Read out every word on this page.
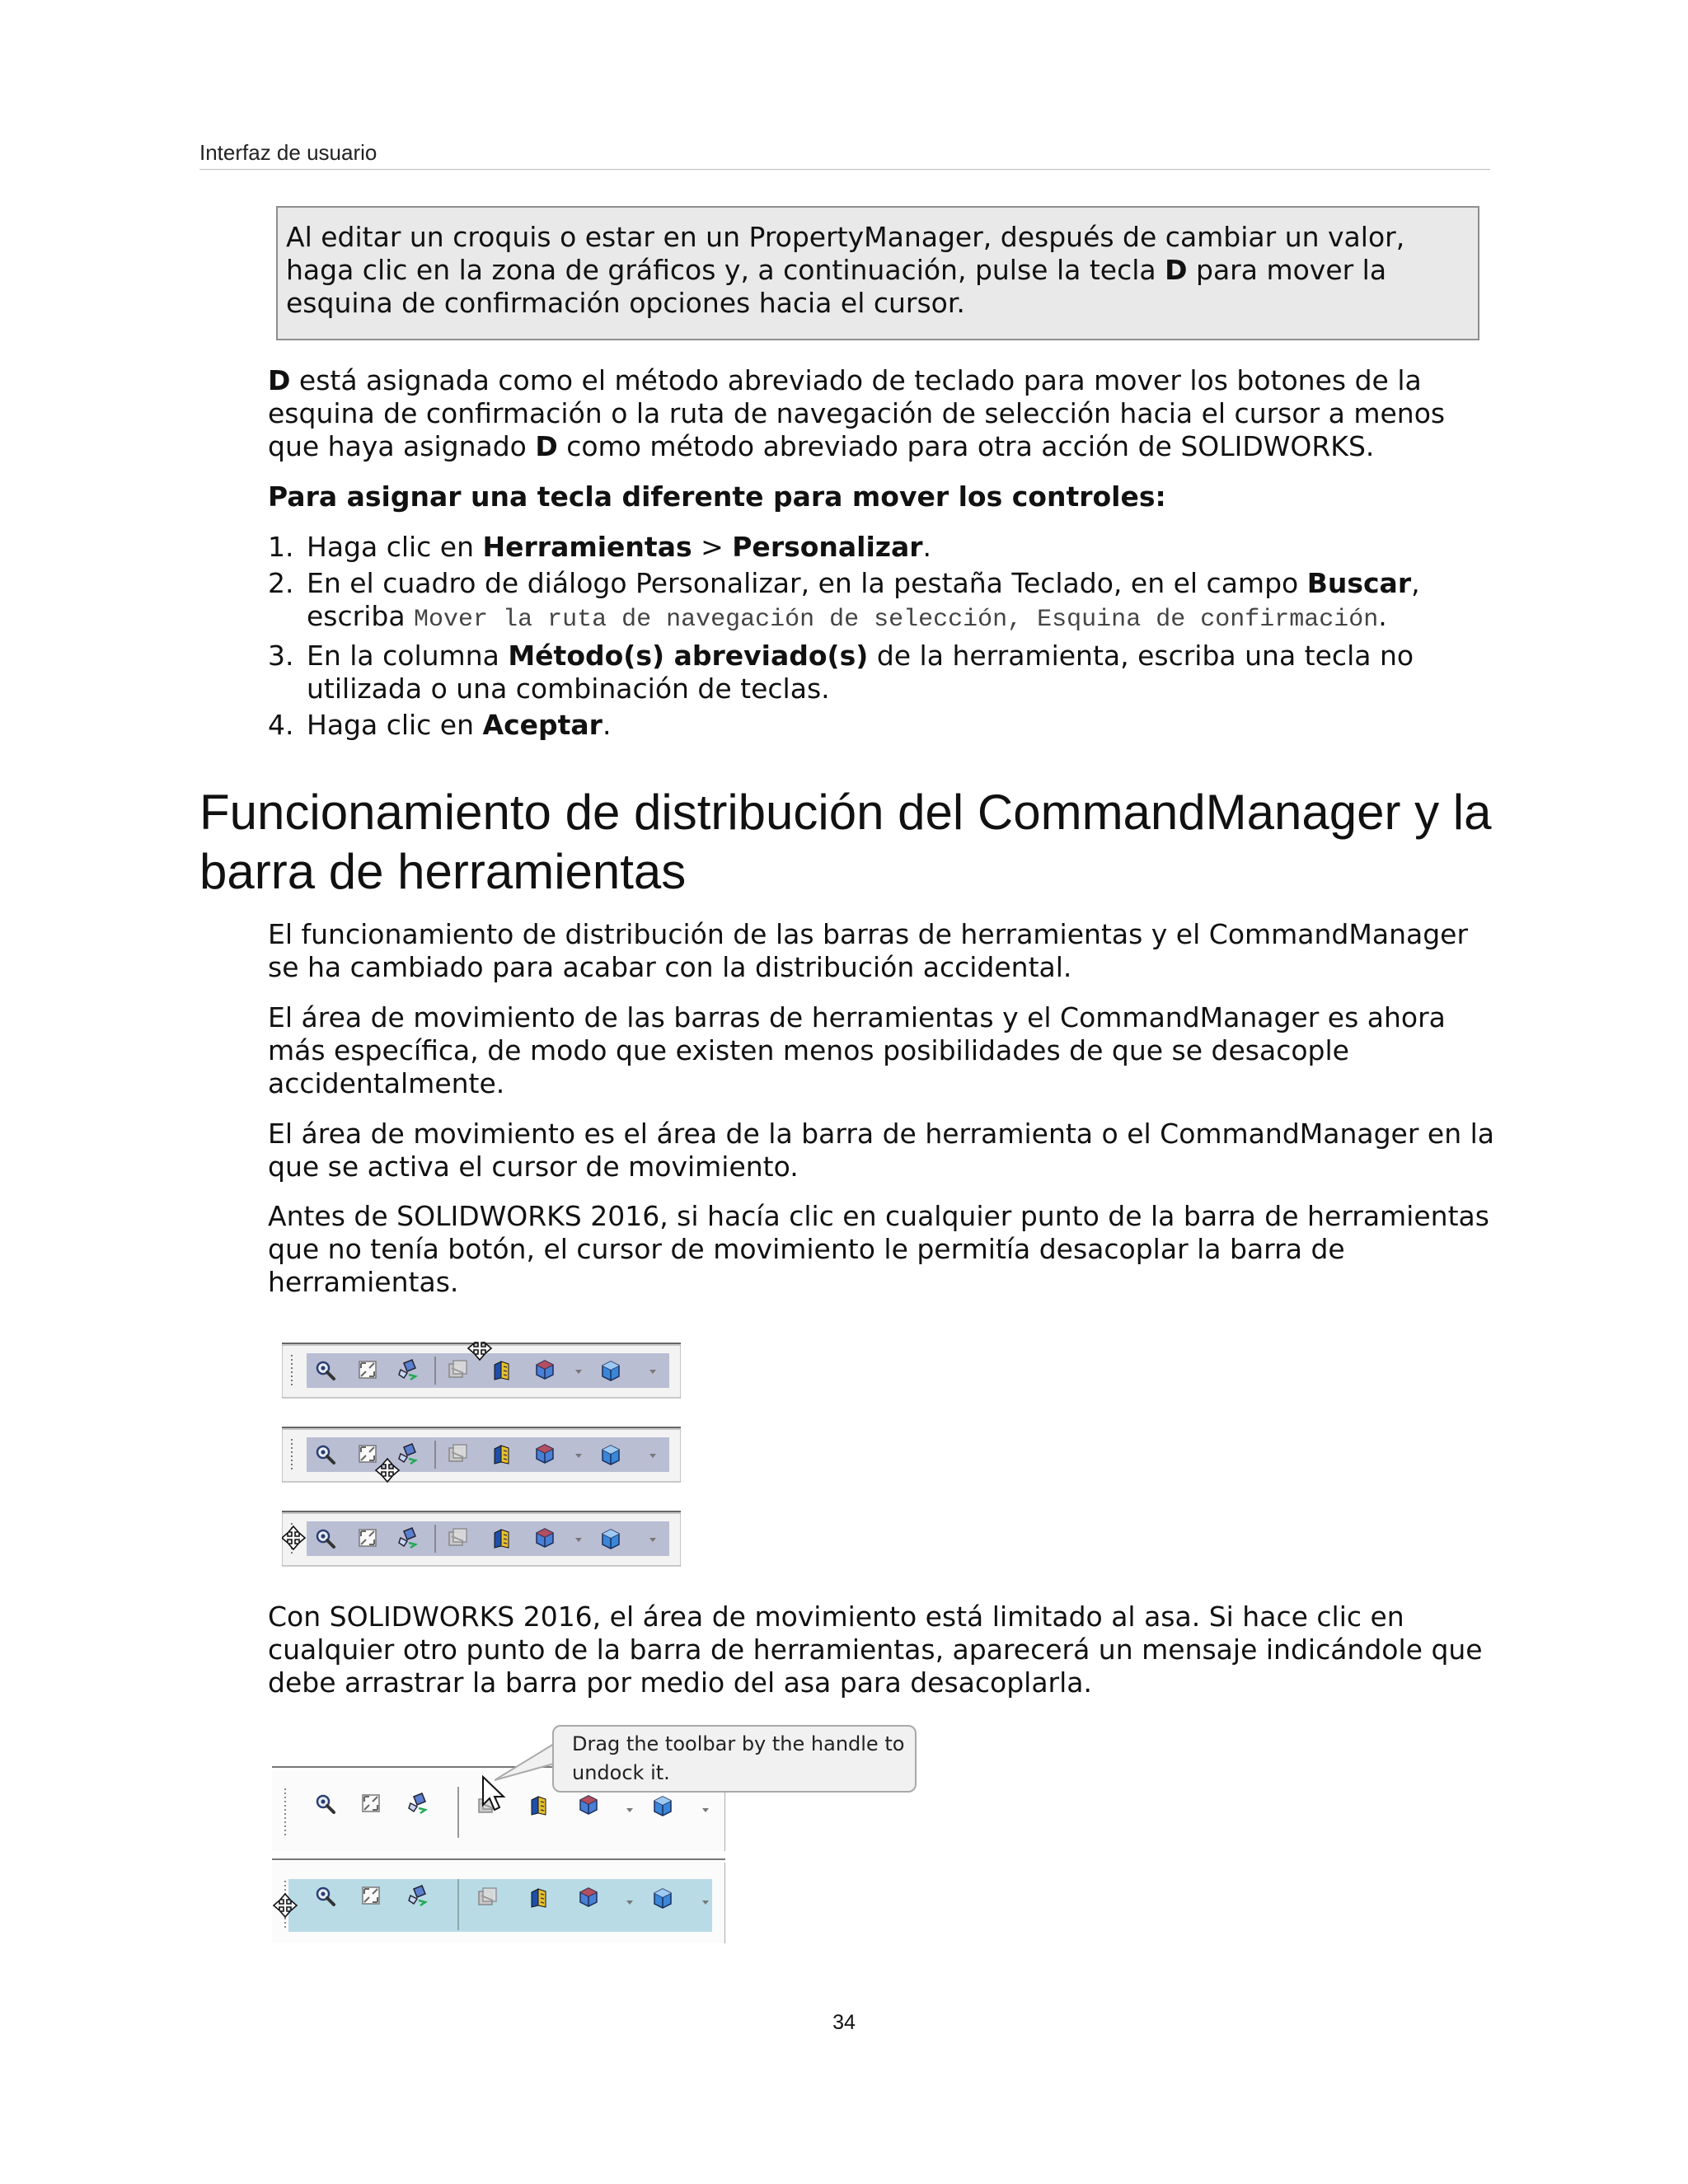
Interfaz de usuario
Al editar un croquis o estar en un PropertyManager, después de cambiar un valor, haga clic en la zona de gráficos y, a continuación, pulse la tecla D para mover la esquina de confirmación opciones hacia el cursor.

D está asignada como el método abreviado de teclado para mover los botones de la esquina de confirmación o la ruta de navegación de selección hacia el cursor a menos que haya asignado D como método abreviado para otra acción de SOLIDWORKS.

Para asignar una tecla diferente para mover los controles:
1. Haga clic en Herramientas > Personalizar.
2. En el cuadro de diálogo Personalizar, en la pestaña Teclado, en el campo Buscar, escriba Mover la ruta de navegación de selección, Esquina de confirmación.
3. En la columna Método(s) abreviado(s) de la herramienta, escriba una tecla no utilizada o una combinación de teclas.
4. Haga clic en Aceptar.
Funcionamiento de distribución del CommandManager y la barra de herramientas

El funcionamiento de distribución de las barras de herramientas y el CommandManager se ha cambiado para acabar con la distribución accidental.

El área de movimiento de las barras de herramientas y el CommandManager es ahora más específica, de modo que existen menos posibilidades de que se desacople accidentalmente.

El área de movimiento es el área de la barra de herramienta o el CommandManager en la que se activa el cursor de movimiento.

Antes de SOLIDWORKS 2016, si hacía clic en cualquier punto de la barra de herramientas que no tenía botón, el cursor de movimiento le permitía desacoplar la barra de herramientas.

Con SOLIDWORKS 2016, el área de movimiento está limitado al asa. Si hace clic en cualquier otro punto de la barra de herramientas, aparecerá un mensaje indicándole que debe arrastrar la barra por medio del asa para desacoplarla.

Drag the toolbar by the handle to
undock it.
34
